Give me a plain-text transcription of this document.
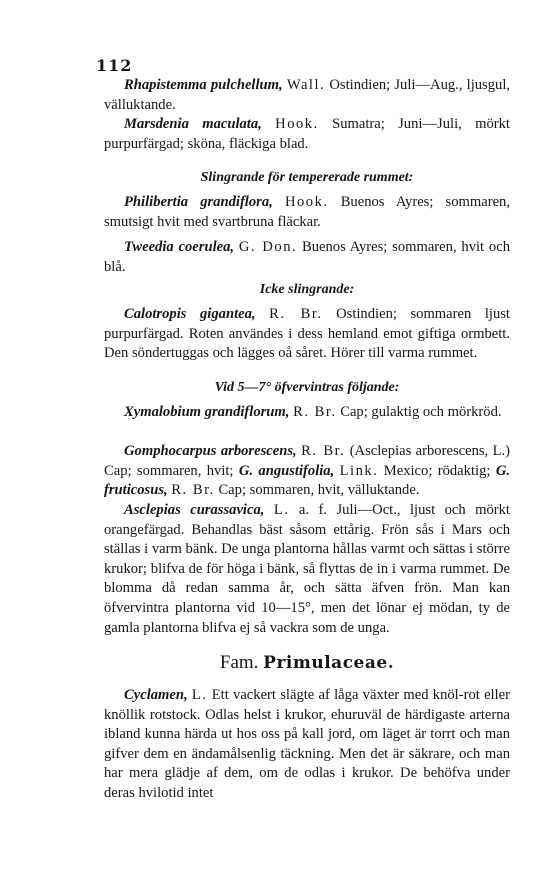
112

Rhapistemma pulchellum, Wall. Ostindien; Juli—Aug., ljusgul, välluktande.

Marsdenia maculata, Hook. Sumatra; Juni—Juli, mörkt purpurfärgad; sköna, fläckiga blad.

Slingrande för tempererade rummet:

Philibertia grandiflora, Hook. Buenos Ayres; sommaren, smutsigt hvit med svartbruna fläckar.

Tweedia coerulea, G. Don. Buenos Ayres; sommaren, hvit och blå.

Icke slingrande:

Calotropis gigantea, R. Br. Ostindien; sommaren ljust purpurfärgad. Roten användes i dess hemland emot giftiga ormbett. Den söndertuggas och lägges oå såret. Hörer till varma rummet.

Vid 5—7° öfvervintras följande:

Xymalobium grandiflorum, R. Br. Cap; gulaktig och mörkröd.

Gomphocarpus arborescens, R. Br. (Asclepias arborescens, L.) Cap; sommaren, hvit; G. angustifolia, Link. Mexico; rödaktig; G. fruticosus, R. Br. Cap; sommaren, hvit, välluktande.

Asclepias curassavica, L. a. f. Juli—Oct., ljust och mörkt orangefärgad. Behandlas bäst såsom ettårig. Frön sås i Mars och ställas i varm bänk. De unga plantorna hållas varmt och sättas i större krukor; blifva de för höga i bänk, så flyttas de in i varma rummet. De blomma då redan samma år, och sätta äfven frön. Man kan öfvervintra plantorna vid 10—15°, men det lönar ej mödan, ty de gamla plantorna blifva ej så vackra som de unga.

Fam. Primulaceae.

Cyclamen, L. Ett vackert slägte af låga växter med knöl-rot eller knöllik rotstock. Odlas helst i krukor, ehuruväl de härdigaste arterna ibland kunna härda ut hos oss på kall jord, om läget är torrt och man gifver dem en ändamålsenlig täckning. Men det är säkrare, och man har mera glädje af dem, om de odlas i krukor. De behöfva under deras hvilotid intet
